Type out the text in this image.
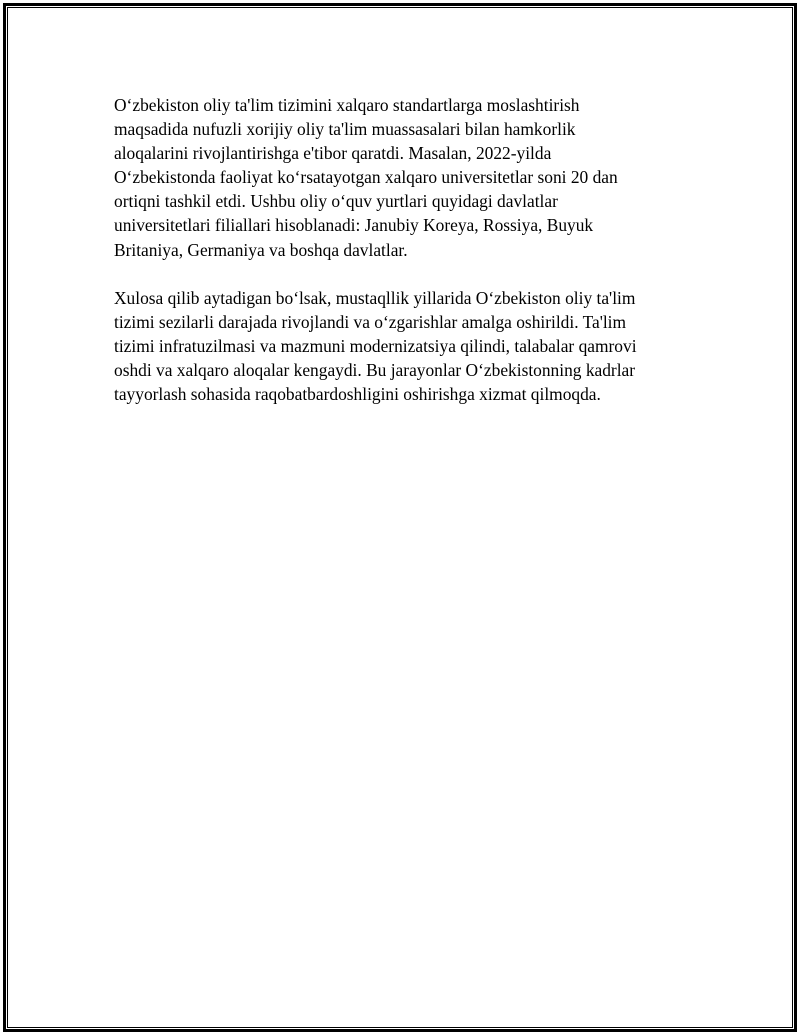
O‘zbekiston oliy ta'lim tizimini xalqaro standartlarga moslashtirish
maqsadida nufuzli xorijiy oliy ta'lim muassasalari bilan hamkorlik
aloqalarini rivojlantirishga e'tibor qaratdi. Masalan, 2022-yilda
O‘zbekistonda faoliyat ko‘rsatayotgan xalqaro universitetlar soni 20 dan
ortiqni tashkil etdi. Ushbu oliy o‘quv yurtlari quyidagi davlatlar
universitetlari filiallari hisoblanadi: Janubiy Koreya, Rossiya, Buyuk
Britaniya, Germaniya va boshqa davlatlar.

Xulosa qilib aytadigan bo‘lsak, mustaqllik yillarida O‘zbekiston oliy ta'lim
tizimi sezilarli darajada rivojlandi va o‘zgarishlar amalga oshirildi. Ta'lim
tizimi infratuzilmasi va mazmuni modernizatsiya qilindi, talabalar qamrovi
oshdi va xalqaro aloqalar kengaydi. Bu jarayonlar O‘zbekistonning kadrlar
tayyorlash sohasida raqobatbardoshligini oshirishga xizmat qilmoqda.
